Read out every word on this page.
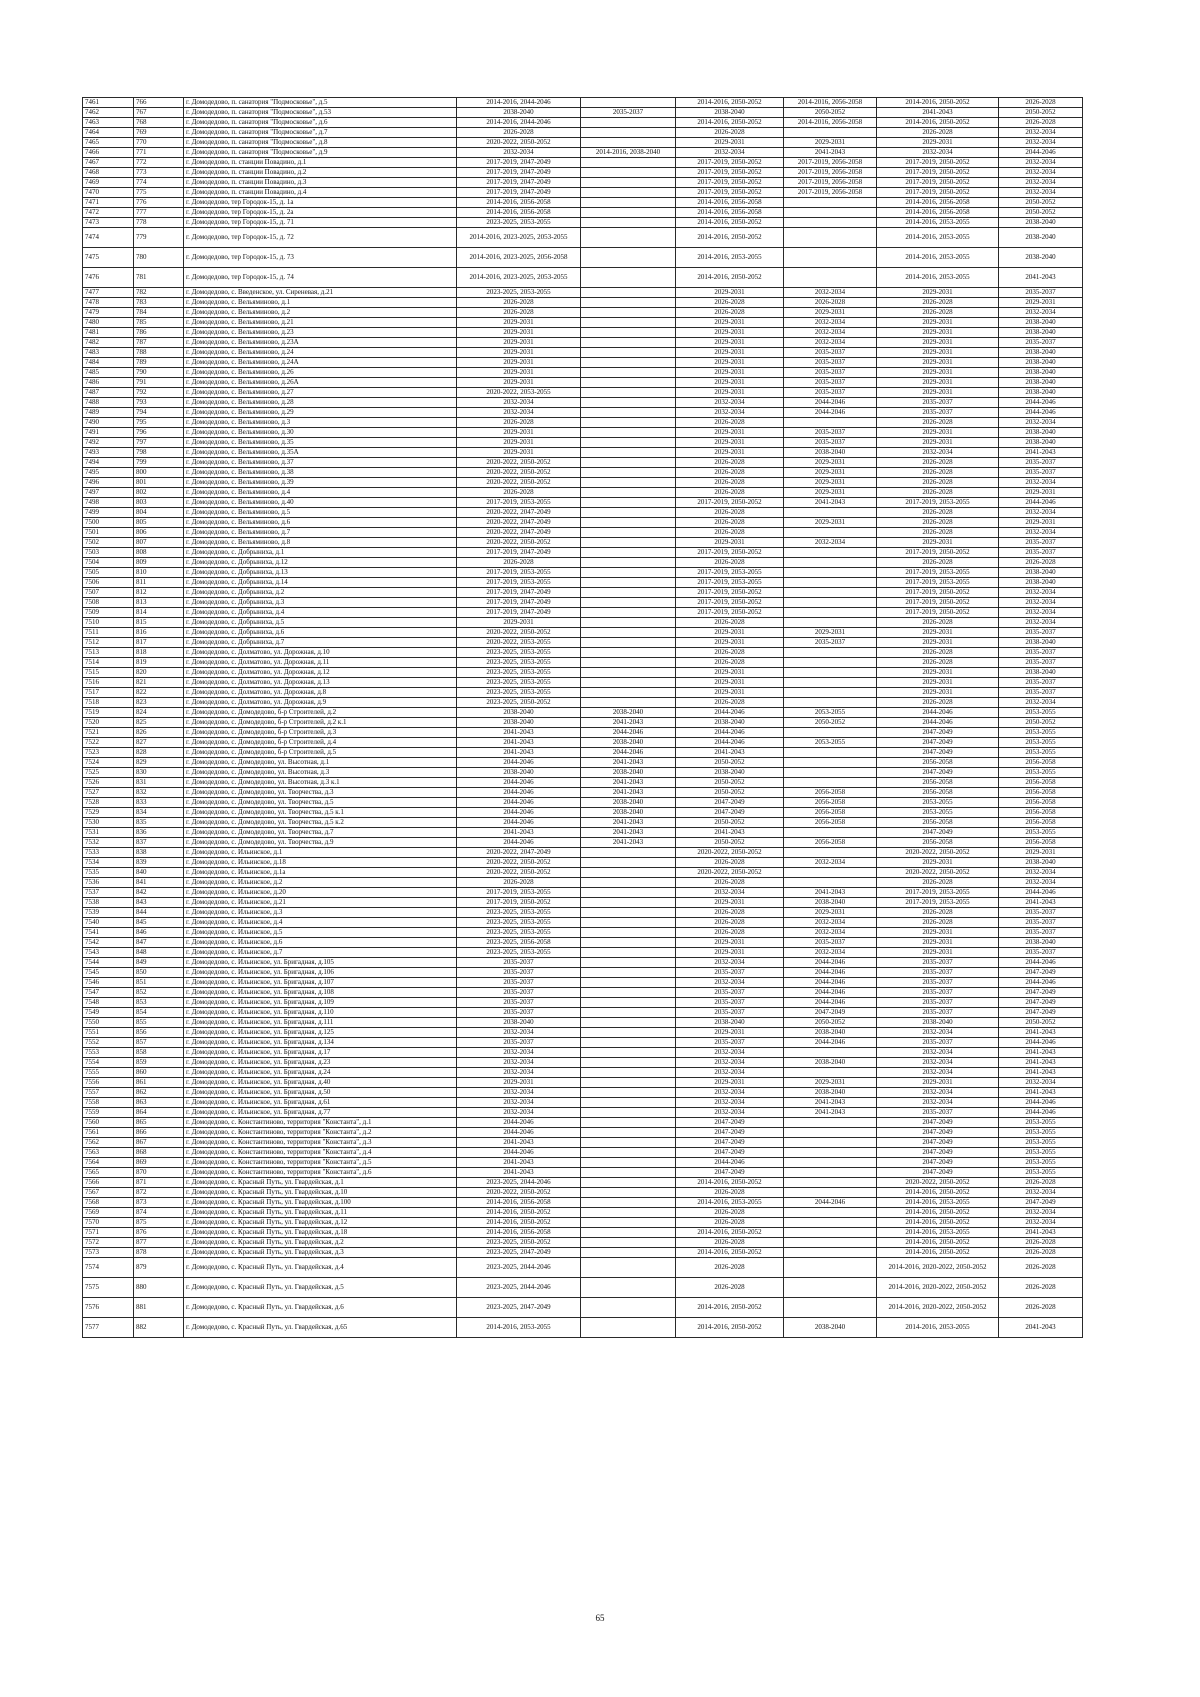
7461	766	г. Домодедово, п. санатория "Подмосковье", д.5	2014-2016, 2044-2046		2014-2016, 2050-2052	2014-2016, 2056-2058	2014-2016, 2050-2052	2026-2028
7462	767	г. Домодедово, п. санатория "Подмосковье", д.53	2038-2040	2035-2037	2038-2040	2050-2052	2041-2043	2050-2052
7463	768	г. Домодедово, п. санатория "Подмосковье", д.6	2014-2016, 2044-2046		2014-2016, 2050-2052	2014-2016, 2056-2058	2014-2016, 2050-2052	2026-2028
7464	769	г. Домодедово, п. санатория "Подмосковье", д.7	2026-2028		2026-2028		2026-2028	2032-2034
7465	770	г. Домодедово, п. санатория "Подмосковье", д.8	2020-2022, 2050-2052		2029-2031	2029-2031	2029-2031	2032-2034
7466	771	г. Домодедово, п. санатория "Подмосковье", д.9	2032-2034	2014-2016, 2038-2040	2032-2034	2041-2043	2032-2034	2044-2046
7467	772	г. Домодедово, п. станции Повадино, д.1	2017-2019, 2047-2049		2017-2019, 2050-2052	2017-2019, 2056-2058	2017-2019, 2050-2052	2032-2034
7468	773	г. Домодедово, п. станции Повадино, д.2	2017-2019, 2047-2049		2017-2019, 2050-2052	2017-2019, 2056-2058	2017-2019, 2050-2052	2032-2034
7469	774	г. Домодедово, п. станции Повадино, д.3	2017-2019, 2047-2049		2017-2019, 2050-2052	2017-2019, 2056-2058	2017-2019, 2050-2052	2032-2034
7470	775	г. Домодедово, п. станции Повадино, д.4	2017-2019, 2047-2049		2017-2019, 2050-2052	2017-2019, 2056-2058	2017-2019, 2050-2052	2032-2034
7471	776	г. Домодедово, тер Городок-15, д. 1а	2014-2016, 2056-2058		2014-2016, 2056-2058		2014-2016, 2056-2058	2050-2052
7472	777	г. Домодедово, тер Городок-15, д. 2а	2014-2016, 2056-2058		2014-2016, 2056-2058		2014-2016, 2056-2058	2050-2052
7473	778	г. Домодедово, тер Городок-15, д. 71	2023-2025, 2053-2055		2014-2016, 2050-2052		2014-2016, 2053-2055	2038-2040
7474	779	г. Домодедово, тер Городок-15, д. 72	2014-2016, 2023-2025, 2053-2055		2014-2016, 2050-2052		2014-2016, 2053-2055	2038-2040
7475	780	г. Домодедово, тер Городок-15, д. 73	2014-2016, 2023-2025, 2056-2058		2014-2016, 2053-2055		2014-2016, 2053-2055	2038-2040
7476	781	г. Домодедово, тер Городок-15, д. 74	2014-2016, 2023-2025, 2053-2055		2014-2016, 2050-2052		2014-2016, 2053-2055	2041-2043
7477	782	г. Домодедово, с. Введенское, ул. Сиреневая, д.21	2023-2025, 2053-2055		2029-2031	2032-2034	2029-2031	2035-2037
7478	783	г. Домодедово, с. Вельяминово, д.1	2026-2028		2026-2028	2026-2028	2026-2028	2029-2031
7479	784	г. Домодедово, с. Вельяминово, д.2	2026-2028		2026-2028	2029-2031	2026-2028	2032-2034
7480	785	г. Домодедово, с. Вельяминово, д.21	2029-2031		2029-2031	2032-2034	2029-2031	2038-2040
7481	786	г. Домодедово, с. Вельяминово, д.23	2029-2031		2029-2031	2032-2034	2029-2031	2038-2040
7482	787	г. Домодедово, с. Вельяминово, д.23А	2029-2031		2029-2031	2032-2034	2029-2031	2035-2037
7483	788	г. Домодедово, с. Вельяминово, д.24	2029-2031		2029-2031	2035-2037	2029-2031	2038-2040
7484	789	г. Домодедово, с. Вельяминово, д.24А	2029-2031		2029-2031	2035-2037	2029-2031	2038-2040
7485	790	г. Домодедово, с. Вельяминово, д.26	2029-2031		2029-2031	2035-2037	2029-2031	2038-2040
7486	791	г. Домодедово, с. Вельяминово, д.26А	2029-2031		2029-2031	2035-2037	2029-2031	2038-2040
7487	792	г. Домодедово, с. Вельяминово, д.27	2020-2022, 2053-2055		2029-2031	2035-2037	2029-2031	2038-2040
7488	793	г. Домодедово, с. Вельяминово, д.28	2032-2034		2032-2034	2044-2046	2035-2037	2044-2046
7489	794	г. Домодедово, с. Вельяминово, д.29	2032-2034		2032-2034	2044-2046	2035-2037	2044-2046
7490	795	г. Домодедово, с. Вельяминово, д.3	2026-2028		2026-2028		2026-2028	2032-2034
7491	796	г. Домодедово, с. Вельяминово, д.30	2029-2031		2029-2031	2035-2037	2029-2031	2038-2040
7492	797	г. Домодедово, с. Вельяминово, д.35	2029-2031		2029-2031	2035-2037	2029-2031	2038-2040
7493	798	г. Домодедово, с. Вельяминово, д.35А	2029-2031		2029-2031	2038-2040	2032-2034	2041-2043
7494	799	г. Домодедово, с. Вельяминово, д.37	2020-2022, 2050-2052		2026-2028	2029-2031	2026-2028	2035-2037
7495	800	г. Домодедово, с. Вельяминово, д.38	2020-2022, 2050-2052		2026-2028	2029-2031	2026-2028	2035-2037
7496	801	г. Домодедово, с. Вельяминово, д.39	2020-2022, 2050-2052		2026-2028	2029-2031	2026-2028	2032-2034
7497	802	г. Домодедово, с. Вельяминово, д.4	2026-2028		2026-2028	2029-2031	2026-2028	2029-2031
7498	803	г. Домодедово, с. Вельяминово, д.40	2017-2019, 2053-2055		2017-2019, 2050-2052	2041-2043	2017-2019, 2053-2055	2044-2046
7499	804	г. Домодедово, с. Вельяминово, д.5	2020-2022, 2047-2049		2026-2028		2026-2028	2032-2034
7500	805	г. Домодедово, с. Вельяминово, д.6	2020-2022, 2047-2049		2026-2028	2029-2031	2026-2028	2029-2031
7501	806	г. Домодедово, с. Вельяминово, д.7	2020-2022, 2047-2049		2026-2028		2026-2028	2032-2034
7502	807	г. Домодедово, с. Вельяминово, д.8	2020-2022, 2050-2052		2029-2031	2032-2034	2029-2031	2035-2037
7503	808	г. Домодедово, с. Добрыниха, д.1	2017-2019, 2047-2049		2017-2019, 2050-2052		2017-2019, 2050-2052	2035-2037
7504	809	г. Домодедово, с. Добрыниха, д.12	2026-2028		2026-2028		2026-2028	2026-2028
7505	810	г. Домодедово, с. Добрыниха, д.13	2017-2019, 2053-2055		2017-2019, 2053-2055		2017-2019, 2053-2055	2038-2040
7506	811	г. Домодедово, с. Добрыниха, д.14	2017-2019, 2053-2055		2017-2019, 2053-2055		2017-2019, 2053-2055	2038-2040
7507	812	г. Домодедово, с. Добрыниха, д.2	2017-2019, 2047-2049		2017-2019, 2050-2052		2017-2019, 2050-2052	2032-2034
7508	813	г. Домодедово, с. Добрыниха, д.3	2017-2019, 2047-2049		2017-2019, 2050-2052		2017-2019, 2050-2052	2032-2034
7509	814	г. Домодедово, с. Добрыниха, д.4	2017-2019, 2047-2049		2017-2019, 2050-2052		2017-2019, 2050-2052	2032-2034
7510	815	г. Домодедово, с. Добрыниха, д.5	2029-2031		2026-2028		2026-2028	2032-2034
7511	816	г. Домодедово, с. Добрыниха, д.6	2020-2022, 2050-2052		2029-2031	2029-2031	2029-2031	2035-2037
7512	817	г. Домодедово, с. Добрыниха, д.7	2020-2022, 2053-2055		2029-2031	2035-2037	2029-2031	2038-2040
7513	818	г. Домодедово, с. Долматово, ул. Дорожная, д.10	2023-2025, 2053-2055		2026-2028		2026-2028	2035-2037
7514	819	г. Домодедово, с. Долматово, ул. Дорожная, д.11	2023-2025, 2053-2055		2026-2028		2026-2028	2035-2037
7515	820	г. Домодедово, с. Долматово, ул. Дорожная, д.12	2023-2025, 2053-2055		2029-2031		2029-2031	2038-2040
7516	821	г. Домодедово, с. Долматово, ул. Дорожная, д.13	2023-2025, 2053-2055		2029-2031		2029-2031	2035-2037
7517	822	г. Домодедово, с. Долматово, ул. Дорожная, д.8	2023-2025, 2053-2055		2029-2031		2029-2031	2035-2037
7518	823	г. Домодедово, с. Долматово, ул. Дорожная, д.9	2023-2025, 2050-2052		2026-2028		2026-2028	2032-2034
7519	824	г. Домодедово, с. Домодедово, б-р Строителей, д.2	2038-2040	2038-2040	2044-2046	2053-2055	2044-2046	2053-2055
7520	825	г. Домодедово, с. Домодедово, б-р Строителей, д.2 к.1	2038-2040	2041-2043	2038-2040	2050-2052	2044-2046	2050-2052
7521	826	г. Домодедово, с. Домодедово, б-р Строителей, д.3	2041-2043	2044-2046	2044-2046		2047-2049	2053-2055
7522	827	г. Домодедово, с. Домодедово, б-р Строителей, д.4	2041-2043	2038-2040	2044-2046	2053-2055	2047-2049	2053-2055
7523	828	г. Домодедово, с. Домодедово, б-р Строителей, д.5	2041-2043	2044-2046	2041-2043		2047-2049	2053-2055
7524	829	г. Домодедово, с. Домодедово, ул. Высотная, д.1	2044-2046	2041-2043	2050-2052		2056-2058	2056-2058
7525	830	г. Домодедово, с. Домодедово, ул. Высотная, д.3	2038-2040	2038-2040	2038-2040		2047-2049	2053-2055
7526	831	г. Домодедово, с. Домодедово, ул. Высотная, д.3 к.1	2044-2046	2041-2043	2050-2052		2056-2058	2056-2058
7527	832	г. Домодедово, с. Домодедово, ул. Творчества, д.3	2044-2046	2041-2043	2050-2052	2056-2058	2056-2058	2056-2058
7528	833	г. Домодедово, с. Домодедово, ул. Творчества, д.5	2044-2046	2038-2040	2047-2049	2056-2058	2053-2055	2056-2058
7529	834	г. Домодедово, с. Домодедово, ул. Творчества, д.5 к.1	2044-2046	2038-2040	2047-2049	2056-2058	2053-2055	2056-2058
7530	835	г. Домодедово, с. Домодедово, ул. Творчества, д.5 к.2	2044-2046	2041-2043	2050-2052	2056-2058	2056-2058	2056-2058
7531	836	г. Домодедово, с. Домодедово, ул. Творчества, д.7	2041-2043	2041-2043	2041-2043		2047-2049	2053-2055
7532	837	г. Домодедово, с. Домодедово, ул. Творчества, д.9	2044-2046	2041-2043	2050-2052	2056-2058	2056-2058	2056-2058
7533	838	г. Домодедово, с. Ильинское, д.1	2020-2022, 2047-2049		2020-2022, 2050-2052		2020-2022, 2050-2052	2029-2031
7534	839	г. Домодедово, с. Ильинское, д.18	2020-2022, 2050-2052		2026-2028	2032-2034	2029-2031	2038-2040
7535	840	г. Домодедово, с. Ильинское, д.1а	2020-2022, 2050-2052		2020-2022, 2050-2052		2020-2022, 2050-2052	2032-2034
7536	841	г. Домодедово, с. Ильинское, д.2	2026-2028		2026-2028		2026-2028	2032-2034
7537	842	г. Домодедово, с. Ильинское, д.20	2017-2019, 2053-2055		2032-2034	2041-2043	2017-2019, 2053-2055	2044-2046
7538	843	г. Домодедово, с. Ильинское, д.21	2017-2019, 2050-2052		2029-2031	2038-2040	2017-2019, 2053-2055	2041-2043
7539	844	г. Домодедово, с. Ильинское, д.3	2023-2025, 2053-2055		2026-2028	2029-2031	2026-2028	2035-2037
7540	845	г. Домодедово, с. Ильинское, д.4	2023-2025, 2053-2055		2026-2028	2032-2034	2026-2028	2035-2037
7541	846	г. Домодедово, с. Ильинское, д.5	2023-2025, 2053-2055		2026-2028	2032-2034	2029-2031	2035-2037
7542	847	г. Домодедово, с. Ильинское, д.6	2023-2025, 2056-2058		2029-2031	2035-2037	2029-2031	2038-2040
7543	848	г. Домодедово, с. Ильинское, д.7	2023-2025, 2053-2055		2029-2031	2032-2034	2029-2031	2035-2037
7544	849	г. Домодедово, с. Ильинское, ул. Бригадная, д.105	2035-2037		2032-2034	2044-2046	2035-2037	2044-2046
7545	850	г. Домодедово, с. Ильинское, ул. Бригадная, д.106	2035-2037		2035-2037	2044-2046	2035-2037	2047-2049
7546	851	г. Домодедово, с. Ильинское, ул. Бригадная, д.107	2035-2037		2032-2034	2044-2046	2035-2037	2044-2046
7547	852	г. Домодедово, с. Ильинское, ул. Бригадная, д.108	2035-2037		2035-2037	2044-2046	2035-2037	2047-2049
7548	853	г. Домодедово, с. Ильинское, ул. Бригадная, д.109	2035-2037		2035-2037	2044-2046	2035-2037	2047-2049
7549	854	г. Домодедово, с. Ильинское, ул. Бригадная, д.110	2035-2037		2035-2037	2047-2049	2035-2037	2047-2049
7550	855	г. Домодедово, с. Ильинское, ул. Бригадная, д.111	2038-2040		2038-2040	2050-2052	2038-2040	2050-2052
7551	856	г. Домодедово, с. Ильинское, ул. Бригадная, д.125	2032-2034		2029-2031	2038-2040	2032-2034	2041-2043
7552	857	г. Домодедово, с. Ильинское, ул. Бригадная, д.134	2035-2037		2035-2037	2044-2046	2035-2037	2044-2046
7553	858	г. Домодедово, с. Ильинское, ул. Бригадная, д.17	2032-2034		2032-2034		2032-2034	2041-2043
7554	859	г. Домодедово, с. Ильинское, ул. Бригадная, д.23	2032-2034		2032-2034	2038-2040	2032-2034	2041-2043
7555	860	г. Домодедово, с. Ильинское, ул. Бригадная, д.24	2032-2034		2032-2034		2032-2034	2041-2043
7556	861	г. Домодедово, с. Ильинское, ул. Бригадная, д.40	2029-2031		2029-2031	2029-2031	2029-2031	2032-2034
7557	862	г. Домодедово, с. Ильинское, ул. Бригадная, д.50	2032-2034		2032-2034	2038-2040	2032-2034	2041-2043
7558	863	г. Домодедово, с. Ильинское, ул. Бригадная, д.61	2032-2034		2032-2034	2041-2043	2032-2034	2044-2046
7559	864	г. Домодедово, с. Ильинское, ул. Бригадная, д.77	2032-2034		2032-2034	2041-2043	2035-2037	2044-2046
7560	865	г. Домодедово, с. Константиново, территория "Константа", д.1	2044-2046		2047-2049		2047-2049	2053-2055
7561	866	г. Домодедово, с. Константиново, территория "Константа", д.2	2044-2046		2047-2049		2047-2049	2053-2055
7562	867	г. Домодедово, с. Константиново, территория "Константа", д.3	2041-2043		2047-2049		2047-2049	2053-2055
7563	868	г. Домодедово, с. Константиново, территория "Константа", д.4	2044-2046		2047-2049		2047-2049	2053-2055
7564	869	г. Домодедово, с. Константиново, территория "Константа", д.5	2041-2043		2044-2046		2047-2049	2053-2055
7565	870	г. Домодедово, с. Константиново, территория "Константа", д.6	2041-2043		2047-2049		2047-2049	2053-2055
7566	871	г. Домодедово, с. Красный Путь, ул. Гвардейская, д.1	2023-2025, 2044-2046		2014-2016, 2050-2052		2020-2022, 2050-2052	2026-2028
7567	872	г. Домодедово, с. Красный Путь, ул. Гвардейская, д.10	2020-2022, 2050-2052		2026-2028		2014-2016, 2050-2052	2032-2034
7568	873	г. Домодедово, с. Красный Путь, ул. Гвардейская, д.100	2014-2016, 2056-2058		2014-2016, 2053-2055	2044-2046	2014-2016, 2053-2055	2047-2049
7569	874	г. Домодедово, с. Красный Путь, ул. Гвардейская, д.11	2014-2016, 2050-2052		2026-2028		2014-2016, 2050-2052	2032-2034
7570	875	г. Домодедово, с. Красный Путь, ул. Гвардейская, д.12	2014-2016, 2050-2052		2026-2028		2014-2016, 2050-2052	2032-2034
7571	876	г. Домодедово, с. Красный Путь, ул. Гвардейская, д.18	2014-2016, 2056-2058		2014-2016, 2050-2052		2014-2016, 2053-2055	2041-2043
7572	877	г. Домодедово, с. Красный Путь, ул. Гвардейская, д.2	2023-2025, 2050-2052		2026-2028		2014-2016, 2050-2052	2026-2028
7573	878	г. Домодедово, с. Красный Путь, ул. Гвардейская, д.3	2023-2025, 2047-2049		2014-2016, 2050-2052		2014-2016, 2050-2052	2026-2028
7574	879	г. Домодедово, с. Красный Путь, ул. Гвардейская, д.4	2023-2025, 2044-2046		2026-2028		2014-2016, 2020-2022, 2050-2052	2026-2028
7575	880	г. Домодедово, с. Красный Путь, ул. Гвардейская, д.5	2023-2025, 2044-2046		2026-2028		2014-2016, 2020-2022, 2050-2052	2026-2028
7576	881	г. Домодедово, с. Красный Путь, ул. Гвардейская, д.6	2023-2025, 2047-2049		2014-2016, 2050-2052		2014-2016, 2020-2022, 2050-2052	2026-2028
7577	882	г. Домодедово, с. Красный Путь, ул. Гвардейская, д.65	2014-2016, 2053-2055		2014-2016, 2050-2052	2038-2040	2014-2016, 2053-2055	2041-2043
65
